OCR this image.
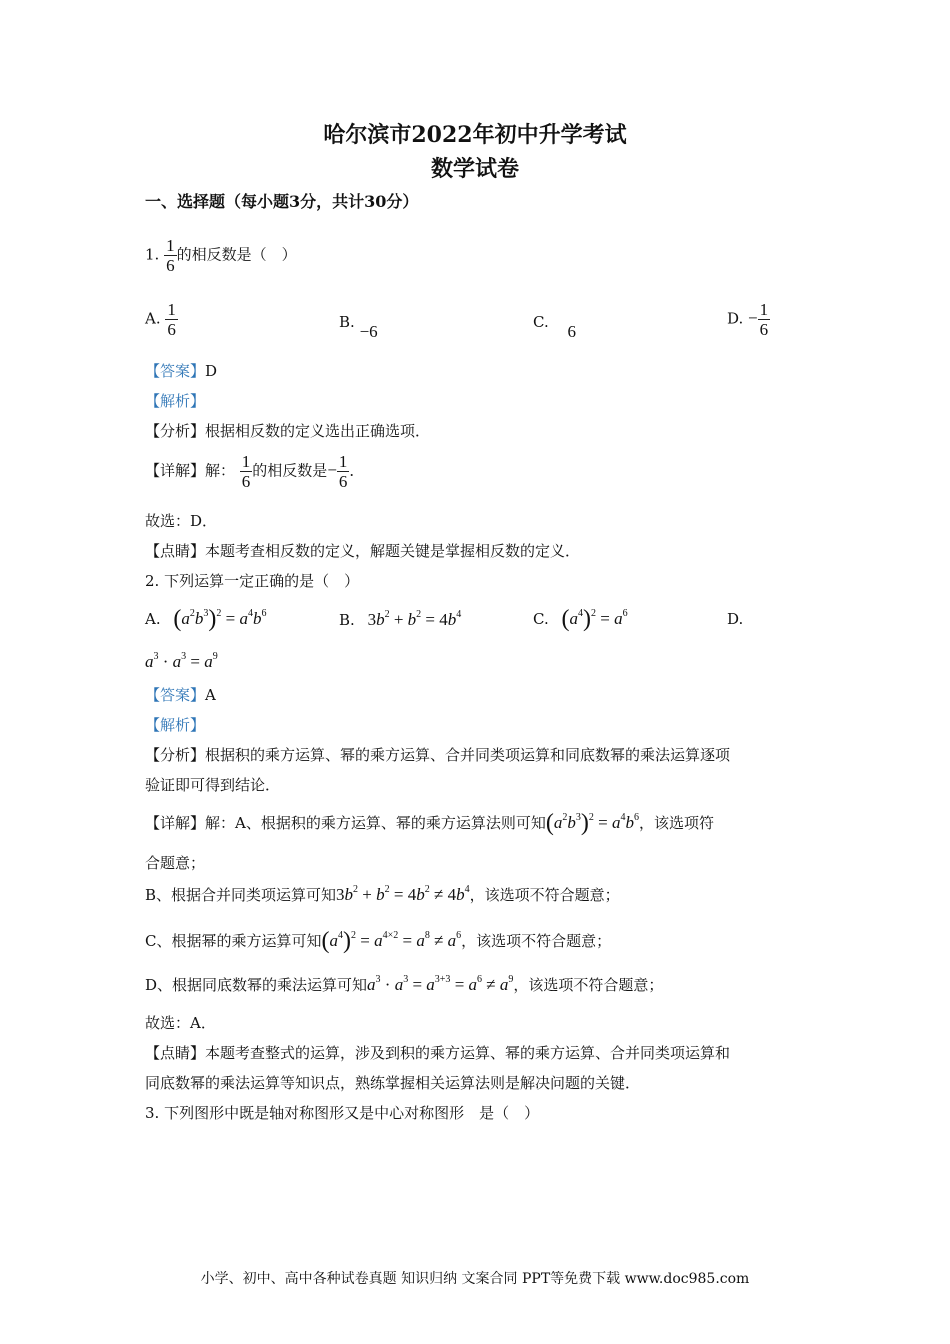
哈尔滨市2022年初中升学考试
数学试卷
一、选择题（每小题3分，共计30分）
1. $\frac{1}{6}$ 的相反数是（　）
A. $\frac{1}{6}$	B. −6	C. 6
D. − $\frac{1}{6}$
【答案】D
【解析】
【分析】根据相反数的定义选出正确选项．
【详解】解： $\frac{1}{6}$ 的相反数是− $\frac{1}{6}$ ．
故选：D．
【点睛】本题考查相反数的定义，解题关键是掌握相反数的定义．
2. 下列运算一定正确的是（　）
A. $(a^2b^3)^2 = a^4b^6$	B. $3b^2 + b^2 = 4b^4$	C. $(a^4)^2 = a^6$	D.
$a^3 \cdot a^3 = a^9$
【答案】A
【解析】
【分析】根据积的乘方运算、幂的乘方运算、合并同类项运算和同底数幂的乘法运算逐项
验证即可得到结论．
【详解】解：A、根据积的乘方运算、幂的乘方运算法则可知$(a^2b^3)^2 = a^4b^6$，该选项符
合题意；
B、根据合并同类项运算可知$3b^2 + b^2 = 4b^2 \ne 4b^4$，该选项不符合题意；
C、根据幂的乘方运算可知$(a^4)^2 = a^{4\times 2} = a^8 \ne a^6$，该选项不符合题意；
D、根据同底数幂的乘法运算可知$a^3 \cdot a^3 = a^{3+3} = a^6 \ne a^9$，该选项不符合题意；
故选：A．
【点睛】本题考查整式的运算，涉及到积的乘方运算、幂的乘方运算、合并同类项运算和
同底数幂的乘法运算等知识点，熟练掌握相关运算法则是解决问题的关键．
3. 下列图形中既是轴对称图形又是中心对称图形　是（　）
小学、初中、高中各种试卷真题 知识归纳 文案合同 PPT等免费下载 www.doc985.com
